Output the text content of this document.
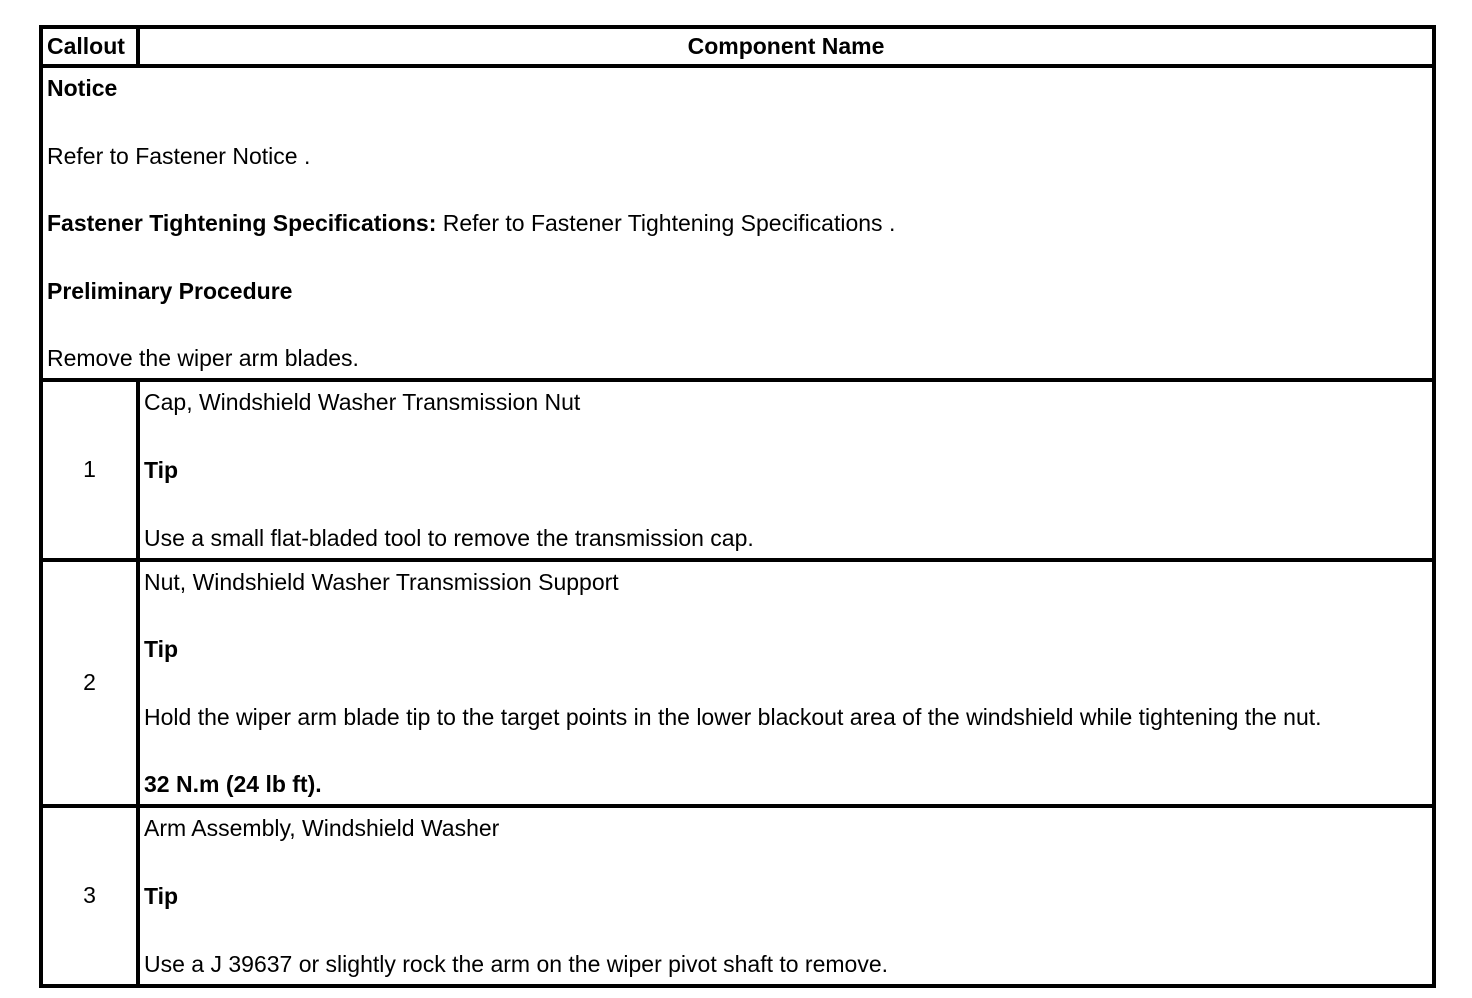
Callout	Component Name

Notice
Refer to Fastener Notice .
Fastener Tightening Specifications: Refer to Fastener Tightening Specifications .
Preliminary Procedure
Remove the wiper arm blades.	

1	Cap, Windshield Washer Transmission Nut
Tip
Use a small flat-bladed tool to remove the transmission cap.

2	Nut, Windshield Washer Transmission Support
Tip
Hold the wiper arm blade tip to the target points in the lower blackout area of the windshield while tightening the nut.
32 N.m (24 lb ft).

3	Arm Assembly, Windshield Washer
Tip
Use a J 39637 or slightly rock the arm on the wiper pivot shaft to remove.
